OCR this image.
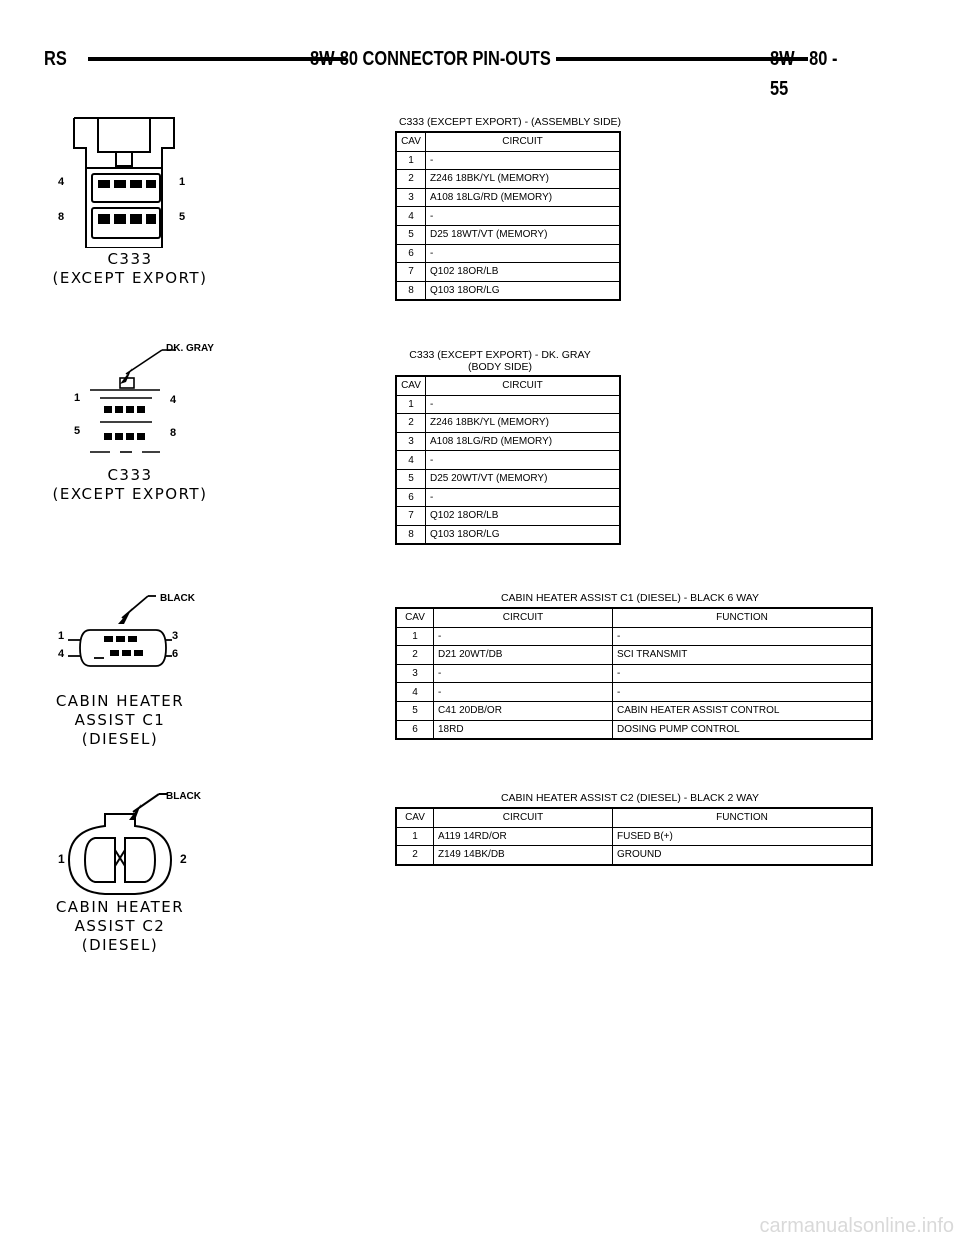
RS	8W-80 CONNECTOR PIN-OUTS	8W - 80 - 55
4	1
8	5
C333
(EXCEPT EXPORT)
C333 (EXCEPT EXPORT) - (ASSEMBLY SIDE)
CAV	CIRCUIT
1	-
2	Z246 18BK/YL (MEMORY)
3	A108 18LG/RD (MEMORY)
4	-
5	D25 18WT/VT (MEMORY)
6	-
7	Q102 18OR/LB
8	Q103 18OR/LG
DK. GRAY
1	4
5	8
C333
(EXCEPT EXPORT)
C333 (EXCEPT EXPORT) - DK. GRAY (BODY SIDE)
CAV	CIRCUIT
1	-
2	Z246 18BK/YL (MEMORY)
3	A108 18LG/RD (MEMORY)
4	-
5	D25 20WT/VT (MEMORY)
6	-
7	Q102 18OR/LB
8	Q103 18OR/LG
BLACK
1	3
4	6
CABIN HEATER
ASSIST C1
(DIESEL)
CABIN HEATER ASSIST C1 (DIESEL) - BLACK 6 WAY
CAV	CIRCUIT	FUNCTION
1	-	-
2	D21 20WT/DB	SCI TRANSMIT
3	-	-
4	-	-
5	C41 20DB/OR	CABIN HEATER ASSIST CONTROL
6	18RD	DOSING PUMP CONTROL
BLACK
1	2
CABIN HEATER
ASSIST C2
(DIESEL)
CABIN HEATER ASSIST C2 (DIESEL) - BLACK 2 WAY
CAV	CIRCUIT	FUNCTION
1	A119 14RD/OR	FUSED B(+)
2	Z149 14BK/DB	GROUND
carmanualsonline.info
